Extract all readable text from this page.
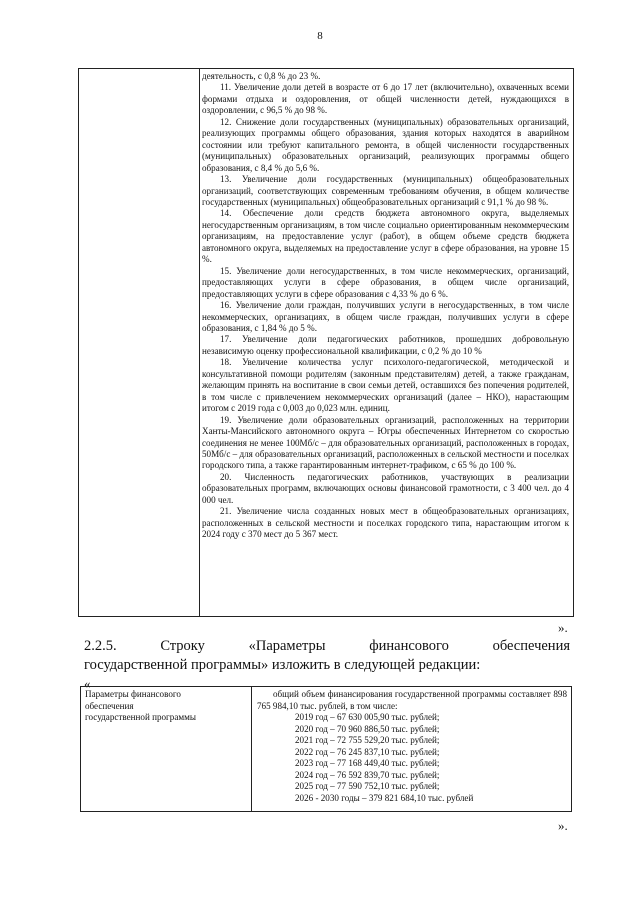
8

деятельность, с 0,8 % до 23 %.

11. Увеличение доли детей в возрасте от 6 до 17 лет (включительно), охваченных всеми формами отдыха и оздоровления, от общей численности детей, нуждающихся в оздоровлении, с 96,5 % до 98 %.

12. Снижение доли государственных (муниципальных) образовательных организаций, реализующих программы общего образования, здания которых находятся в аварийном состоянии или требуют капитального ремонта, в общей численности государственных (муниципальных) образовательных организаций, реализующих программы общего образования, с 8,4 % до 5,6 %.

13. Увеличение доли государственных (муниципальных) общеобразовательных организаций, соответствующих современным требованиям обучения, в общем количестве государственных (муниципальных) общеобразовательных организаций с 91,1 % до 98 %.

14. Обеспечение доли средств бюджета автономного округа, выделяемых негосударственным организациям, в том числе социально ориентированным некоммерческим организациям, на предоставление услуг (работ), в общем объеме средств бюджета автономного округа, выделяемых на предоставление услуг в сфере образования, на уровне 15 %.

15. Увеличение доли негосударственных, в том числе некоммерческих, организаций, предоставляющих услуги в сфере образования, в общем числе организаций, предоставляющих услуги в сфере образования с 4,33 % до 6 %.

16. Увеличение доли граждан, получивших услуги в негосударственных, в том числе некоммерческих, организациях, в общем числе граждан, получивших услуги в сфере образования, с 1,84 % до 5 %.

17. Увеличение доли педагогических работников, прошедших добровольную независимую оценку профессиональной квалификации, с 0,2 % до 10 %

18. Увеличение количества услуг психолого-педагогической, методической и консультативной помощи родителям (законным представителям) детей, а также гражданам, желающим принять на воспитание в свои семьи детей, оставшихся без попечения родителей, в том числе с привлечением некоммерческих организаций (далее – НКО), нарастающим итогом с 2019 года с 0,003 до 0,023 млн. единиц.

19. Увеличение доли образовательных организаций, расположенных на территории Ханты-Мансийского автономного округа – Югры обеспеченных Интернетом со скоростью соединения не менее 100Мб/с – для образовательных организаций, расположенных в городах, 50Мб/с – для образовательных организаций, расположенных в сельской местности и поселках городского типа, а также гарантированным интернет-трафиком, с 65 % до 100 %.

20. Численность педагогических работников, участвующих в реализации образовательных программ, включающих основы финансовой грамотности, с 3 400 чел. до 4 000 чел.

21. Увеличение числа созданных новых мест в общеобразовательных организациях, расположенных в сельской местности и поселках городского типа, нарастающим итогом к 2024 году с 370 мест до 5 367 мест.

».
2.2.5.	Строку	«Параметры	финансового	обеспечения
государственной программы» изложить в следующей редакции:
«
Параметры финансового
обеспечения
государственной программы
общий объем финансирования государственной программы составляет 898 765 984,10 тыс. рублей, в том числе:
2019 год – 67 630 005,90 тыс. рублей;
2020 год – 70 960 886,50 тыс. рублей;
2021 год – 72 755 529,20 тыс. рублей;
2022 год – 76 245 837,10 тыс. рублей;
2023 год – 77 168 449,40 тыс. рублей;
2024 год – 76 592 839,70 тыс. рублей;
2025 год – 77 590 752,10 тыс. рублей;
2026 - 2030 годы – 379 821 684,10 тыс. рублей
».
